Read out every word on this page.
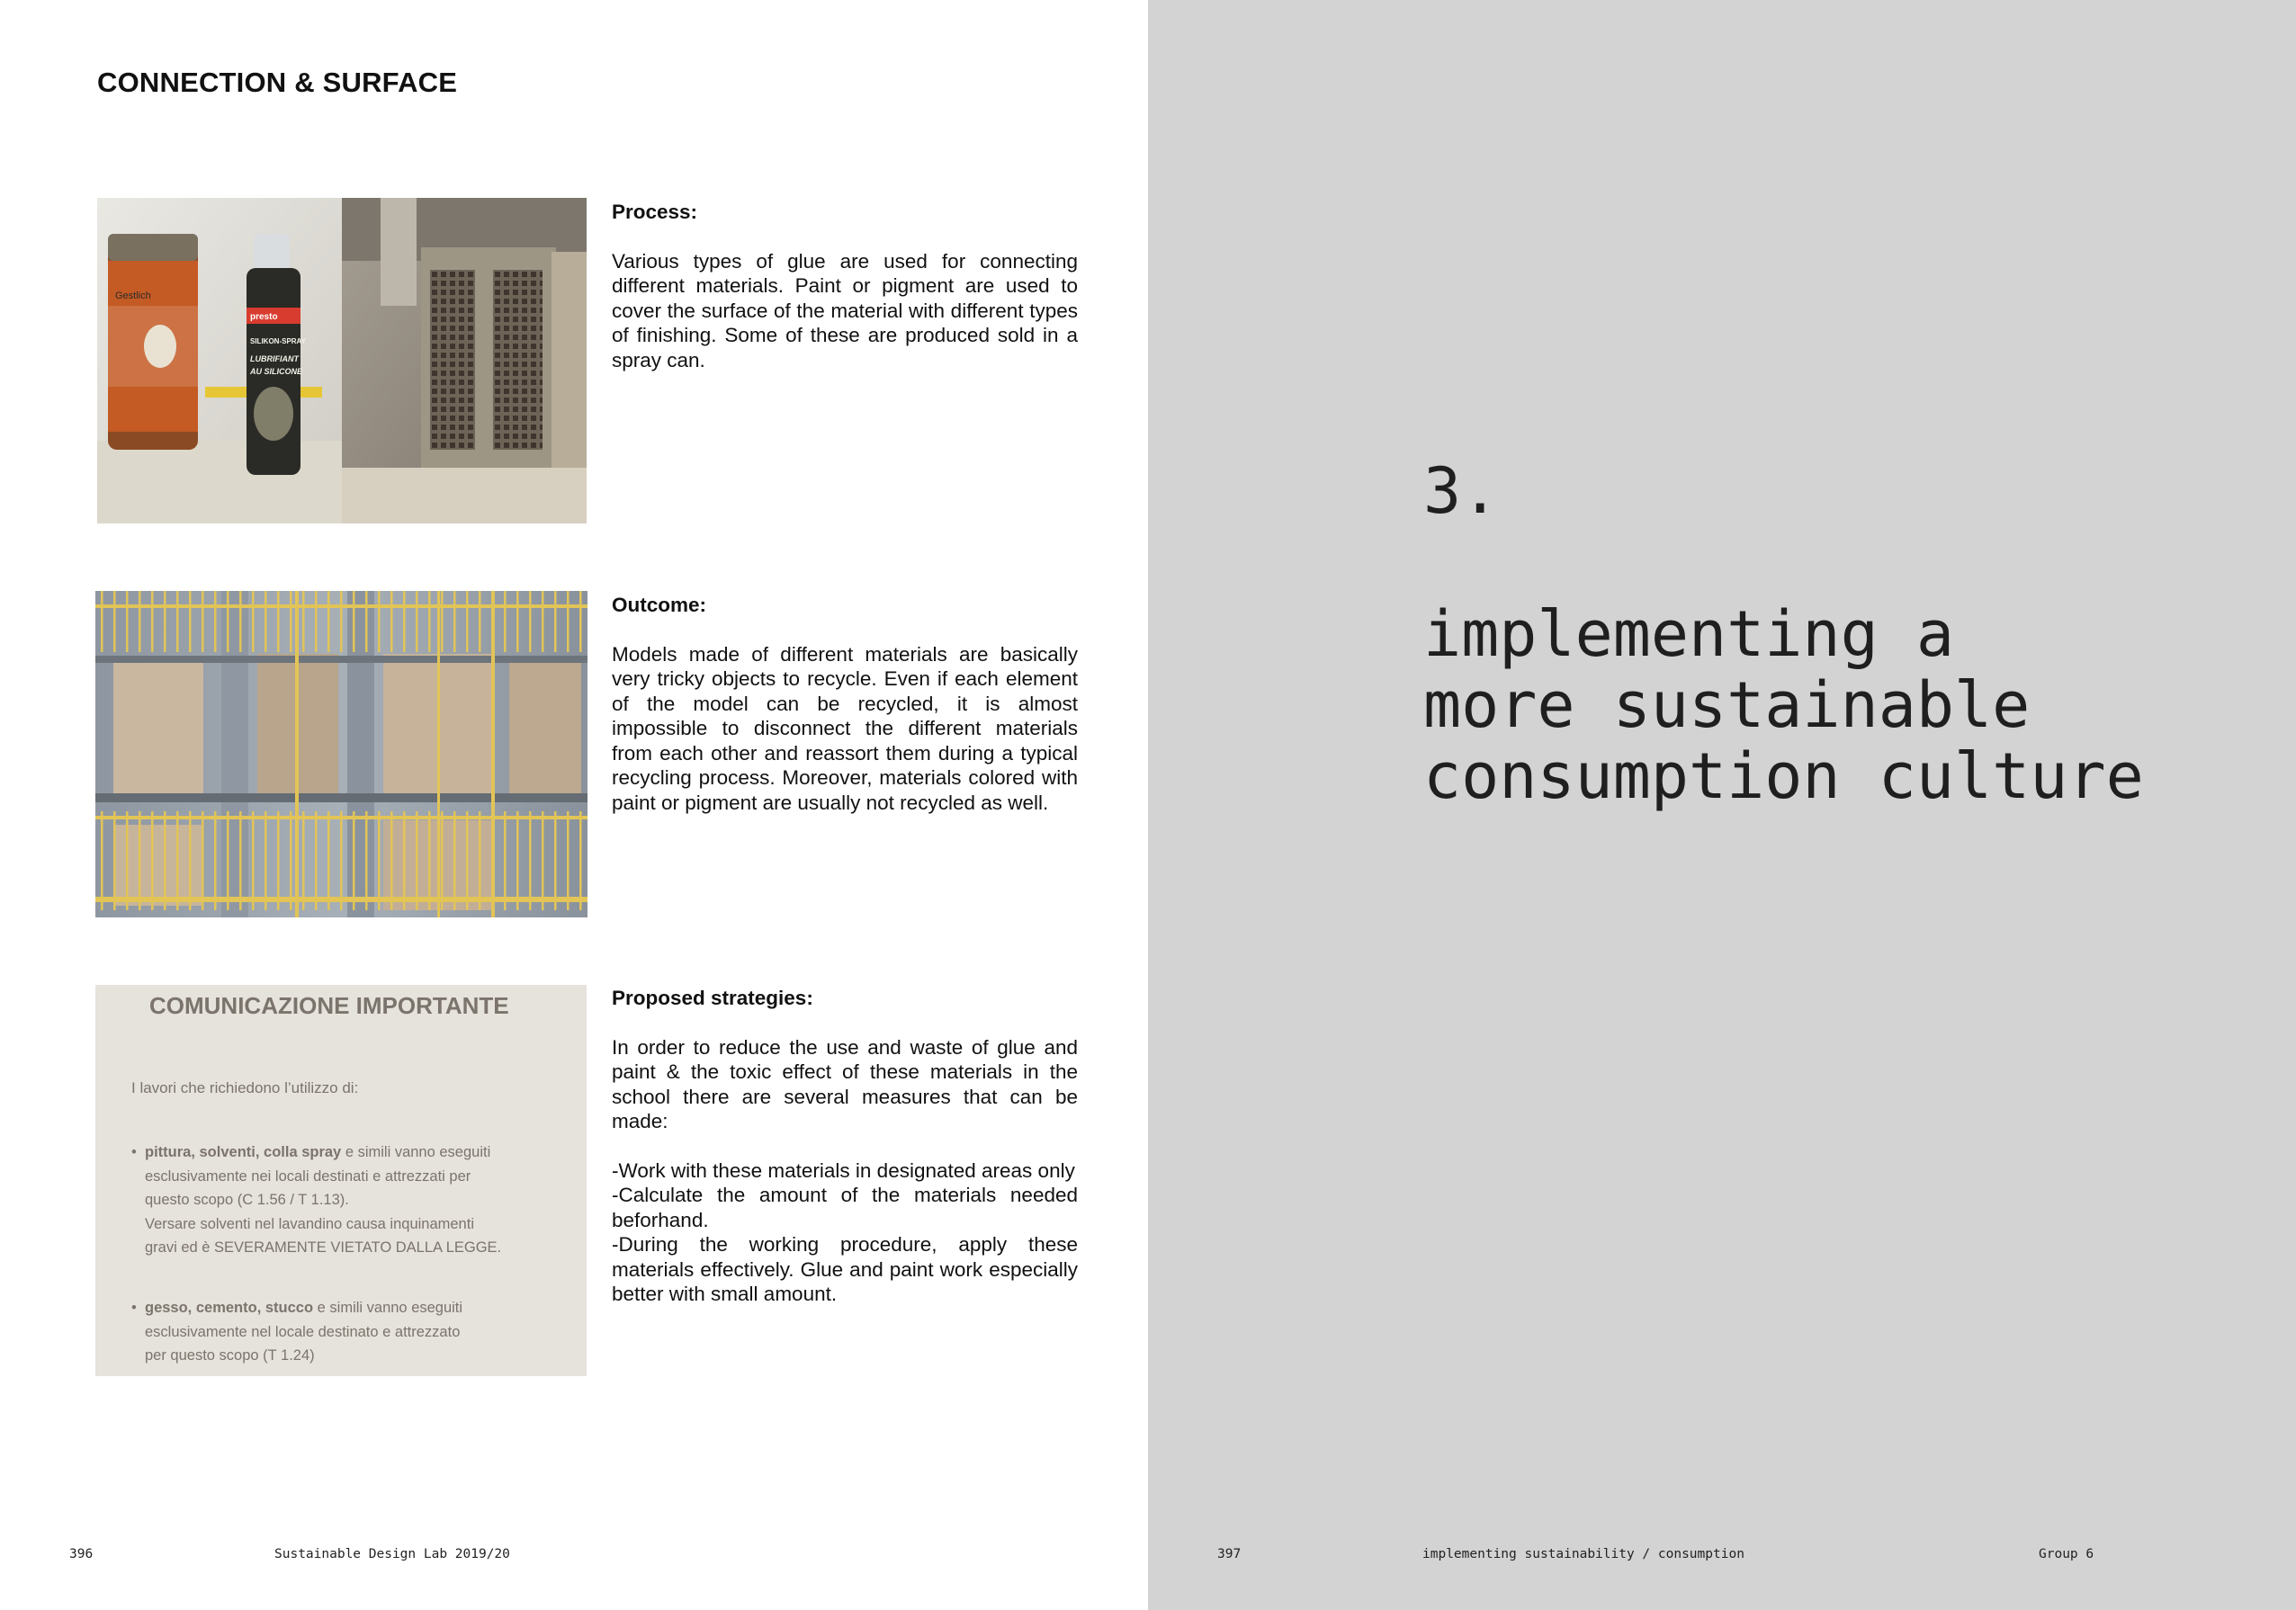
CONNECTION & SURFACE
Gestlich
presto
SILIKON-SPRAY
LUBRIFIANT
AU SILICONE
COMUNICAZIONE IMPORTANTE
I lavori che richiedono l’utilizzo di:
• pittura, solventi, colla spray e simili vanno eseguiti
esclusivamente nei locali destinati e attrezzati per
questo scopo (C 1.56 / T 1.13).
Versare solventi nel lavandino causa inquinamenti
gravi ed è SEVERAMENTE VIETATO DALLA LEGGE.
• gesso, cemento, stucco e simili vanno eseguiti
esclusivamente nel locale destinato e attrezzato
per questo scopo (T 1.24)
Process:

Various types of glue are used for connecting different materials. Paint or pigment are used to cover the surface of the material with different types of finishing. Some of these are produced sold in a spray can.

Outcome:

Models made of different materials are basically very tricky objects to recycle. Even if each element of the model can be recycled, it is almost impossible to disconnect the different materials from each other and reassort them during a typical recycling process. Moreover, materials colored with paint or pigment are usually not recycled as well.

Proposed strategies:

In order to reduce the use and waste of glue and paint & the toxic effect of these materials in the school there are several measures that can be made:

-Work with these materials in designated areas only
-Calculate the amount of the materials needed beforhand.
-During the working procedure, apply these materials effectively. Glue and paint work especially better with small amount.
396	Sustainable Design Lab 2019/20
3.
implementing a
more sustainable
consumption culture
397	implementing sustainability / consumption	Group 6
